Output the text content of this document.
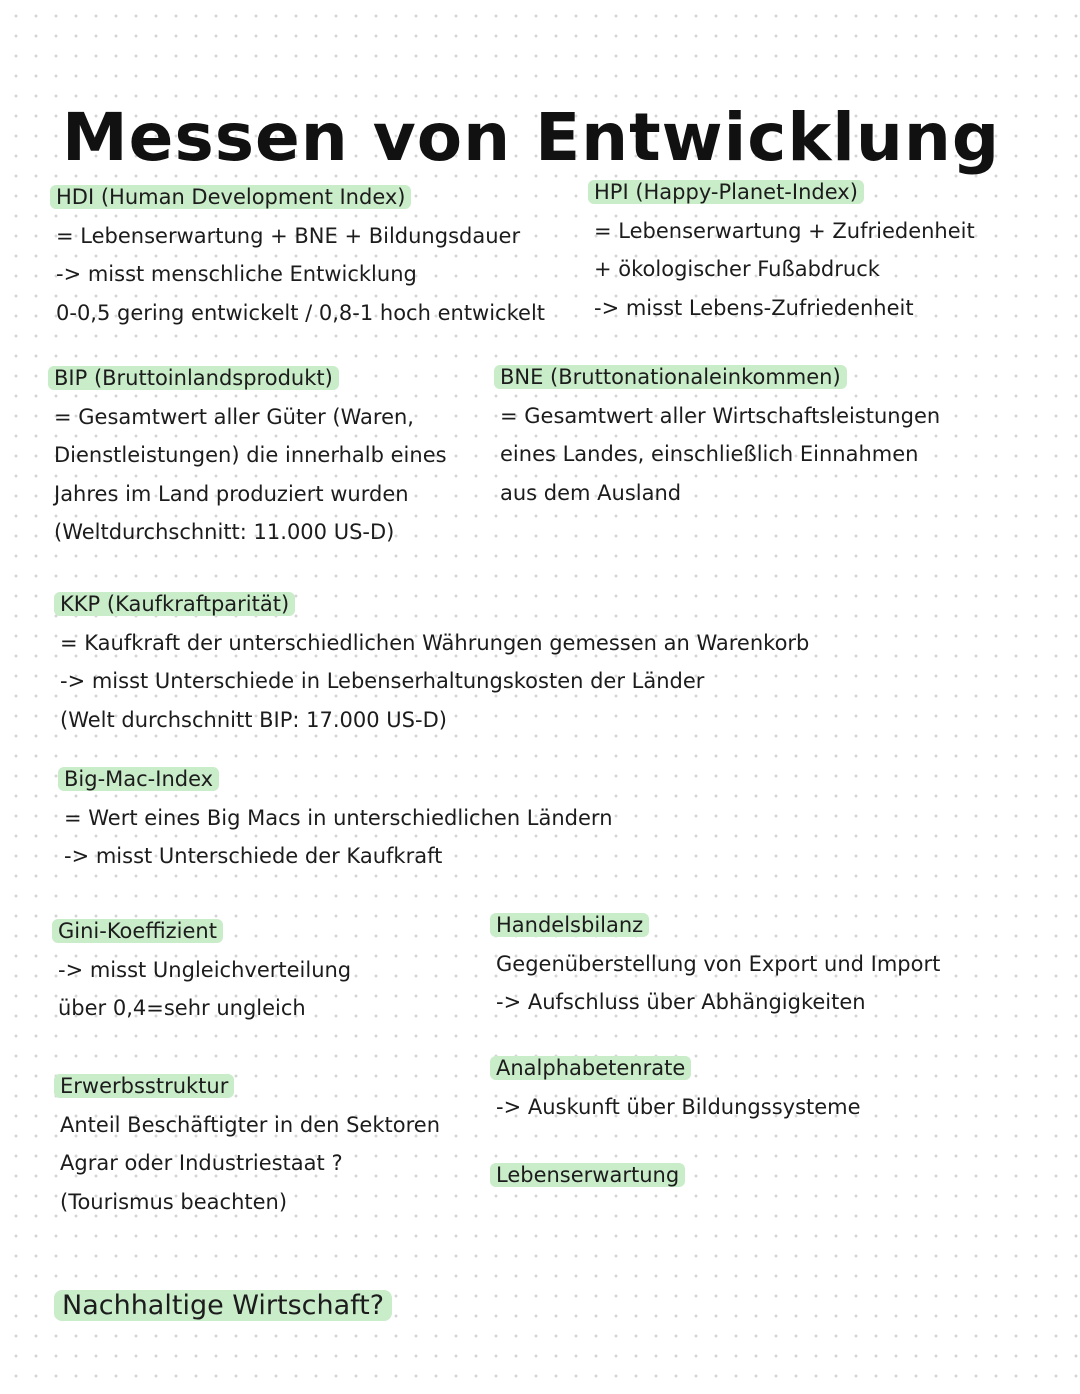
Messen von Entwicklung
HDI (Human Development Index)
= Lebenserwartung + BNE + Bildungsdauer
-> misst menschliche Entwicklung
0-0,5 gering entwickelt / 0,8-1 hoch entwickelt
HPI (Happy-Planet-Index)
= Lebenserwartung + Zufriedenheit
+ ökologischer Fußabdruck
-> misst Lebens-Zufriedenheit
BIP (Bruttoinlandsprodukt)
= Gesamtwert aller Güter (Waren,
Dienstleistungen) die innerhalb eines
Jahres im Land produziert wurden
(Weltdurchschnitt: 11.000 US-D)
BNE (Bruttonationaleinkommen)
= Gesamtwert aller Wirtschaftsleistungen
eines Landes, einschließlich Einnahmen
aus dem Ausland
KKP (Kaufkraftparität)
= Kaufkraft der unterschiedlichen Währungen gemessen an Warenkorb
-> misst Unterschiede in Lebenserhaltungskosten der Länder
(Welt durchschnitt BIP: 17.000 US-D)
Big-Mac-Index
= Wert eines Big Macs in unterschiedlichen Ländern
-> misst Unterschiede der Kaufkraft
Gini-Koeffizient
-> misst Ungleichverteilung
über 0,4=sehr ungleich
Handelsbilanz
Gegenüberstellung von Export und Import
-> Aufschluss über Abhängigkeiten
Erwerbsstruktur
Anteil Beschäftigter in den Sektoren
Agrar oder Industriestaat ?
(Tourismus beachten)
Analphabetenrate
-> Auskunft über Bildungssysteme
Lebenserwartung
Nachhaltige Wirtschaft?
